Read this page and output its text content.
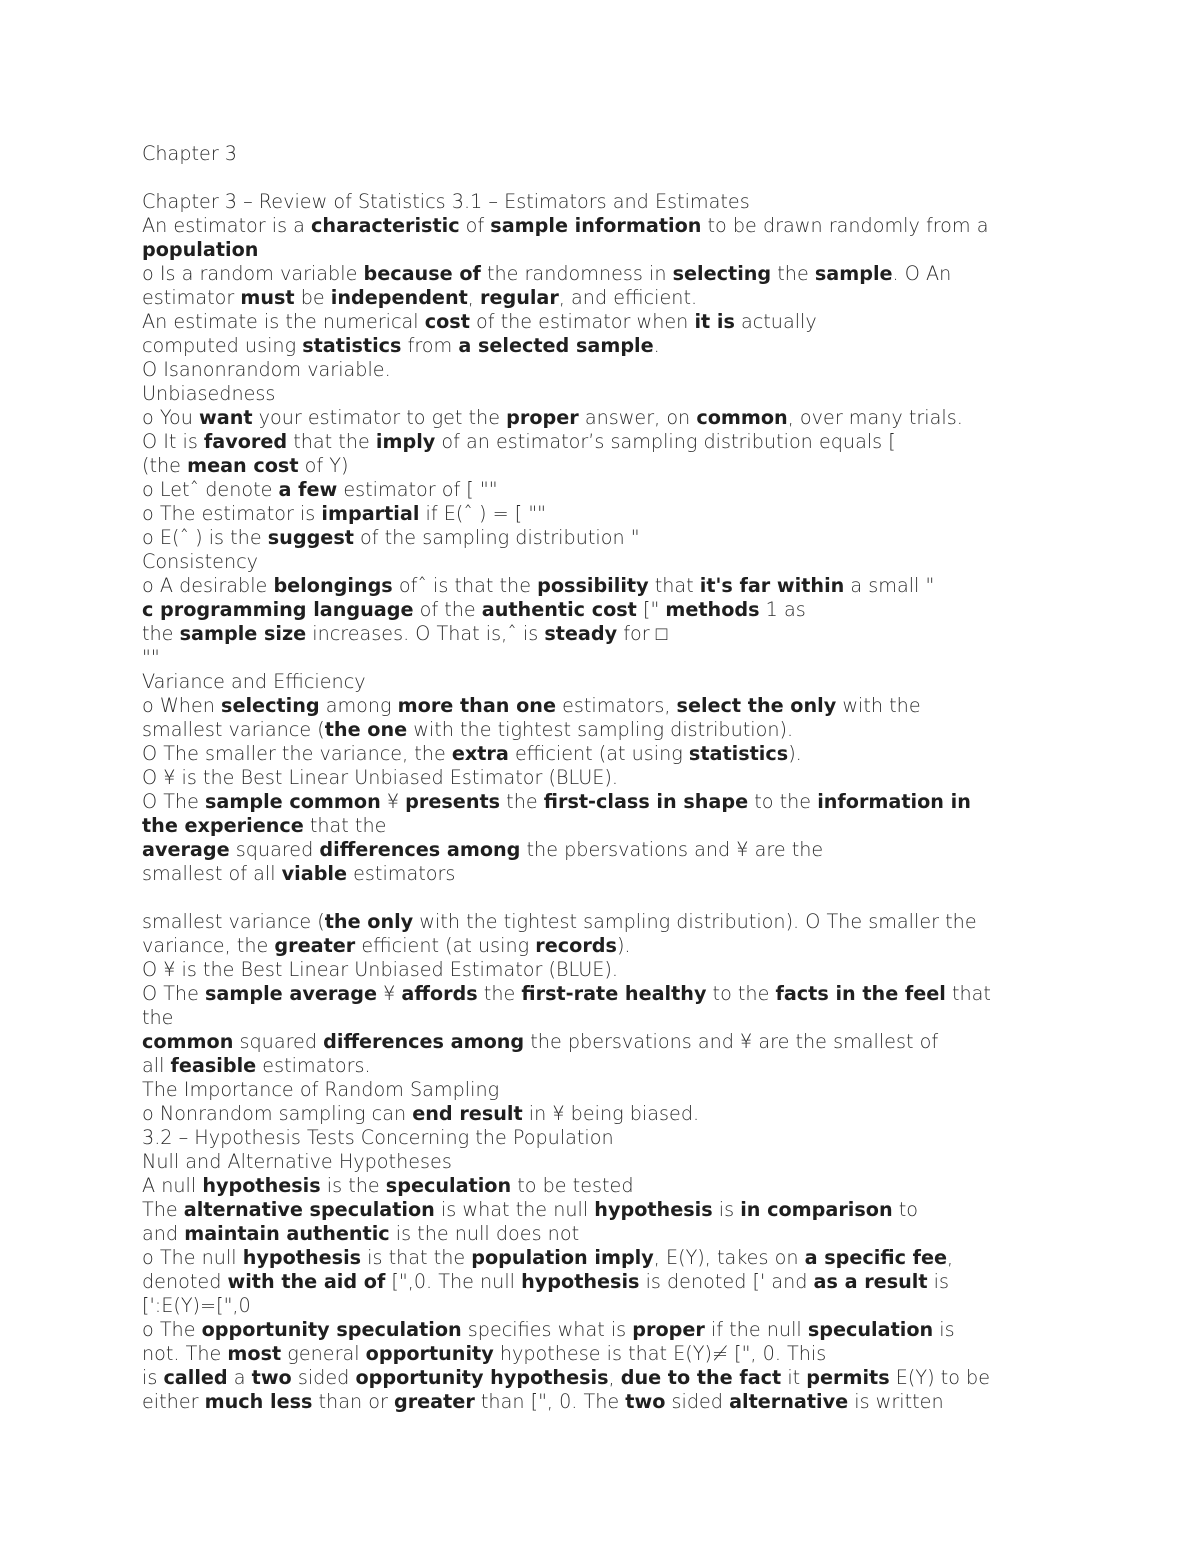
Chapter 3
Chapter 3 – Review of Statistics 3.1 – Estimators and Estimates
An estimator is a characteristic of sample information to be drawn randomly from a
population
o Is a random variable because of the randomness in selecting the sample. O An
estimator must be independent, regular, and efficient.
An estimate is the numerical cost of the estimator when it is actually
computed using statistics from a selected sample.
O Isanonrandom variable.
Unbiasedness
o You want your estimator to get the proper answer, on common, over many trials.
O It is favored that the imply of an estimator’s sampling distribution equals [
(the mean cost of Y)
o Letˆ denote a few estimator of [ ""
o The estimator is impartial if E(ˆ ) = [ ""
o E(ˆ ) is the suggest of the sampling distribution "
Consistency
o A desirable belongings ofˆ is that the possibility that it's far within a small "
c programming language of the authentic cost [" methods 1 as
the sample size increases. O That is,ˆ is steady for □
""
Variance and Efficiency
o When selecting among more than one estimators, select the only with the
smallest variance (the one with the tightest sampling distribution).
O The smaller the variance, the extra efficient (at using statistics).
O ¥ is the Best Linear Unbiased Estimator (BLUE).
O The sample common ¥ presents the first-class in shape to the information in
the experience that the
average squared differences among the pbersvations and ¥ are the
smallest of all viable estimators
smallest variance (the only with the tightest sampling distribution). O The smaller the
variance, the greater efficient (at using records).
O ¥ is the Best Linear Unbiased Estimator (BLUE).
O The sample average ¥ affords the first-rate healthy to the facts in the feel that
the
common squared differences among the pbersvations and ¥ are the smallest of
all feasible estimators.
The Importance of Random Sampling
o Nonrandom sampling can end result in ¥ being biased.
3.2 – Hypothesis Tests Concerning the Population
Null and Alternative Hypotheses
A null hypothesis is the speculation to be tested
The alternative speculation is what the null hypothesis is in comparison to
and maintain authentic is the null does not
o The null hypothesis is that the population imply, E(Y), takes on a specific fee,
denoted with the aid of [",0. The null hypothesis is denoted [' and as a result is
[':E(Y)=[",0
o The opportunity speculation specifies what is proper if the null speculation is
not. The most general opportunity hypothese is that E(Y)≠ [", 0. This
is called a two sided opportunity hypothesis, due to the fact it permits E(Y) to be
either much less than or greater than [", 0. The two sided alternative is written
